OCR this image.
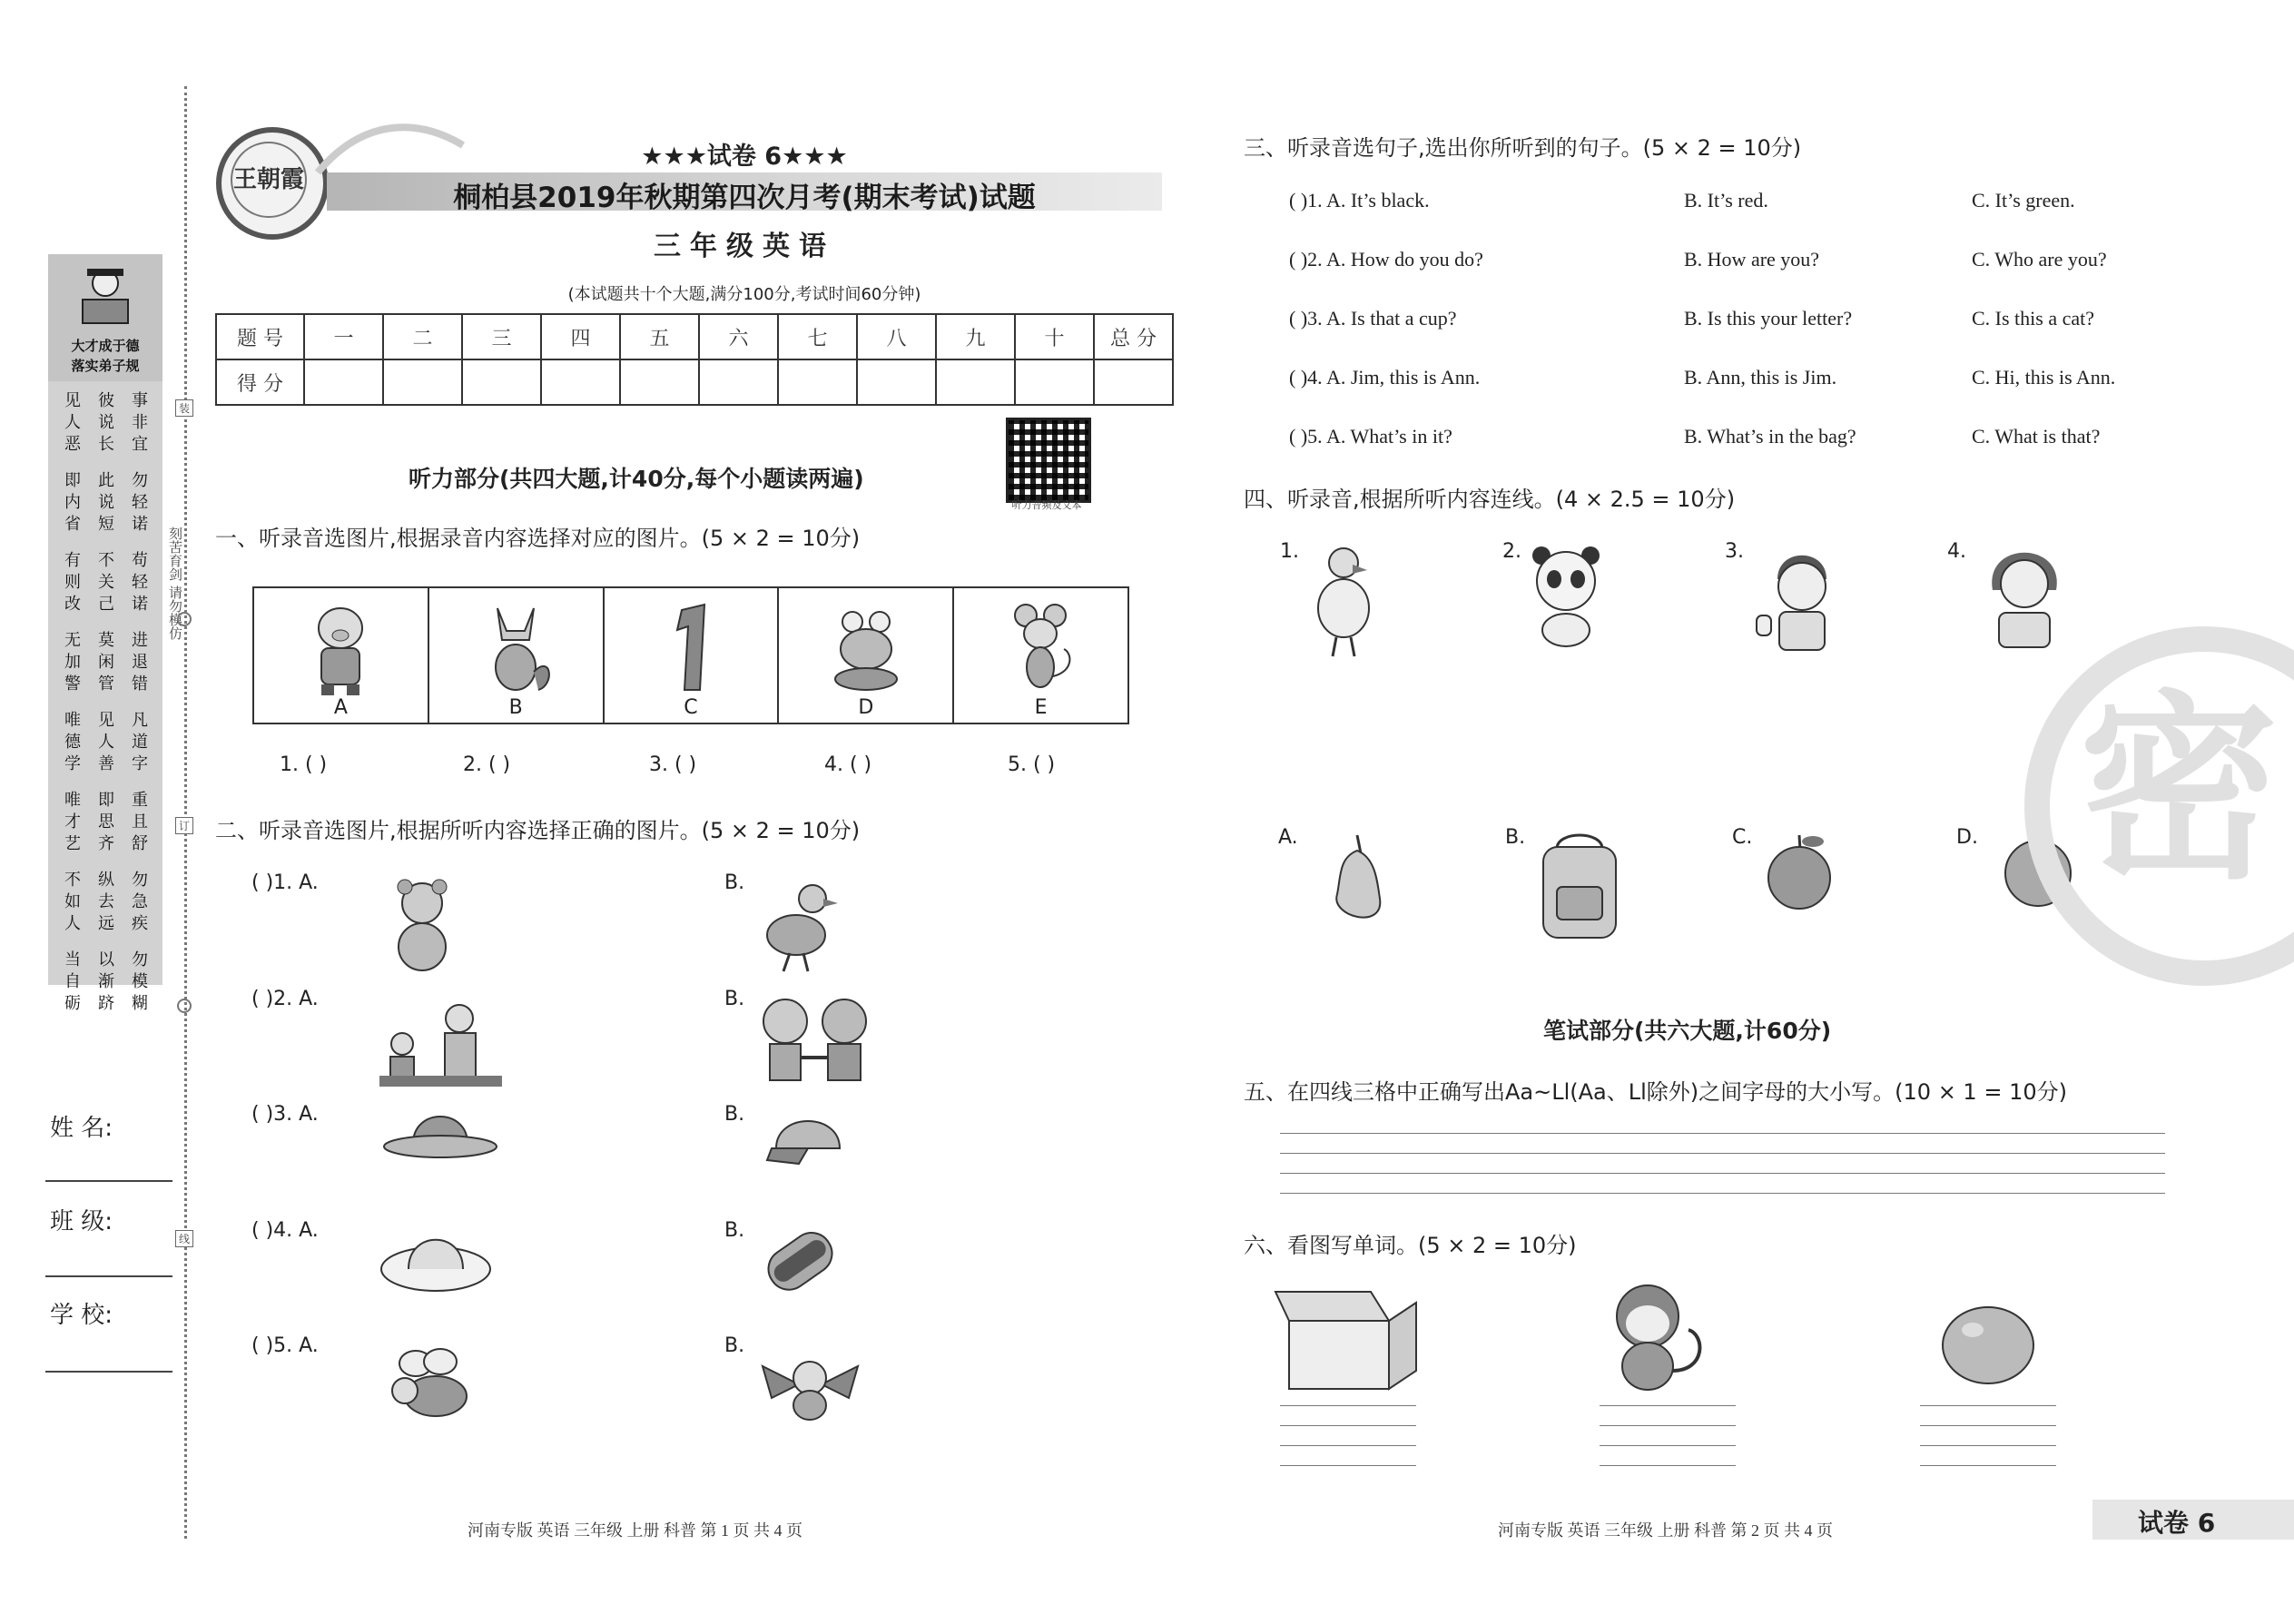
大才成于德
落实弟子规
见人恶
彼说长
事非宜
即内省
此说短
勿轻诺
有则改
不关己
苟轻诺
无加警
莫闲管
进退错
唯德学
见人善
凡道字
唯才艺
即思齐
重且舒
不如人
纵去远
勿急疾
当自砺
以渐跻
勿模糊
装
刻苦育剑 请勿模仿
订
线
姓 名:
班 级:
学 校:
王朝霞
★★★试卷 6★★★
桐柏县2019年秋期第四次月考(期末考试)试题
三年级英语
(本试题共十个大题,满分100分,考试时间60分钟)
题 号	一	二	三	四	五	六	七	八	九	十	总 分
得 分											
听力音频及文本
听力部分(共四大题,计40分,每个小题读两遍)
一、听录音选图片,根据录音内容选择对应的图片。(5 × 2 = 10分)
A	B	C	D	E
1. ( )	2. ( )	3. ( )	4. ( )	5. ( )
二、听录音选图片,根据所听内容选择正确的图片。(5 × 2 = 10分)
( )1. A.	B.
( )2. A.	B.
( )3. A.	B.
( )4. A.	B.
( )5. A.	B.
三、听录音选句子,选出你所听到的句子。(5 × 2 = 10分)
( )1. A. It’s black.	B. It’s red.	C. It’s green.
( )2. A. How do you do?	B. How are you?	C. Who are you?
( )3. A. Is that a cup?	B. Is this your letter?	C. Is this a cat?
( )4. A. Jim, this is Ann.	B. Ann, this is Jim.	C. Hi, this is Ann.
( )5. A. What’s in it?	B. What’s in the bag?	C. What is that?
四、听录音,根据所听内容连线。(4 × 2.5 = 10分)
1.	2.	3.	4.
A.	B.	C.	D. 密
笔试部分(共六大题,计60分)
五、在四线三格中正确写出Aa~Ll(Aa、Ll除外)之间字母的大小写。(10 × 1 = 10分)
六、看图写单词。(5 × 2 = 10分)
河南专版 英语 三年级 上册 科普 第 1 页 共 4 页	河南专版 英语 三年级 上册 科普 第 2 页 共 4 页	试卷 6
